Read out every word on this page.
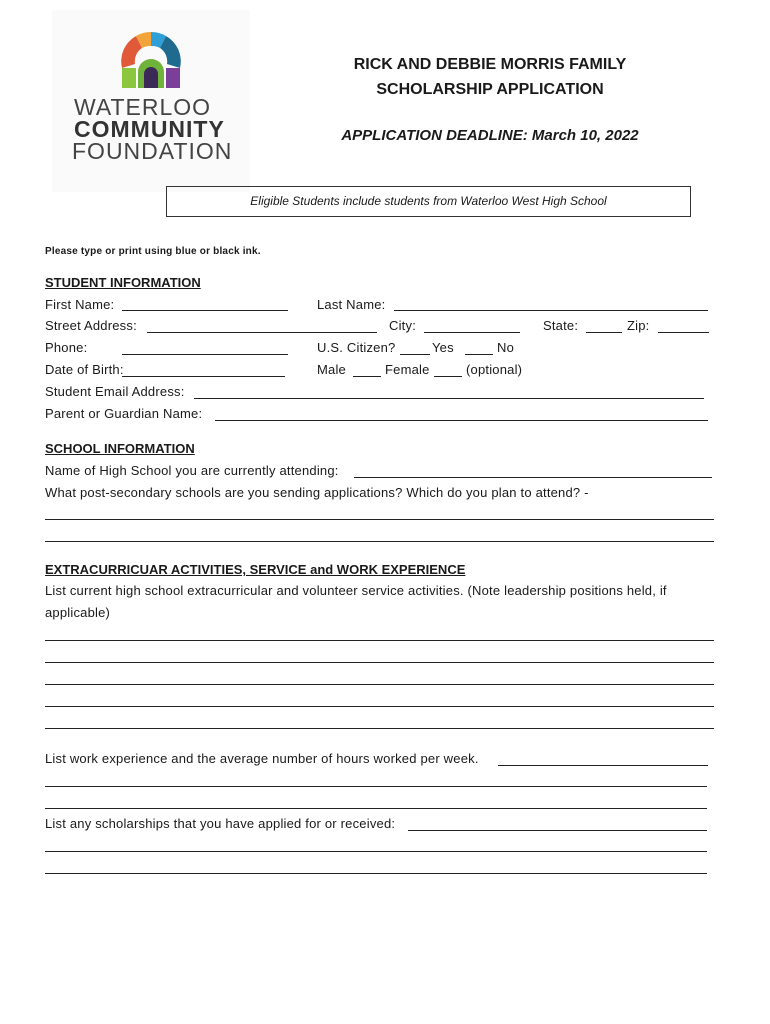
WATERLOO
COMMUNITY
FOUNDATION
RICK AND DEBBIE MORRIS FAMILY
SCHOLARSHIP APPLICATION
APPLICATION DEADLINE: March 10, 2022
Eligible Students include students from Waterloo West High School
Please type or print using blue or black ink.
STUDENT INFORMATION
First Name:	Last Name:
Street Address:	City:	State:	Zip:
Phone:	U.S. Citizen?	Yes	No
Date of Birth:	Male	Female	(optional)
Student Email Address:
Parent or Guardian Name:
SCHOOL INFORMATION
Name of High School you are currently attending:
What post-secondary schools are you sending applications? Which do you plan to attend? -
EXTRACURRICUAR ACTIVITIES, SERVICE and WORK EXPERIENCE
List current high school extracurricular and volunteer service activities. (Note leadership positions held, if
applicable)
List work experience and the average number of hours worked per week.
List any scholarships that you have applied for or received:
